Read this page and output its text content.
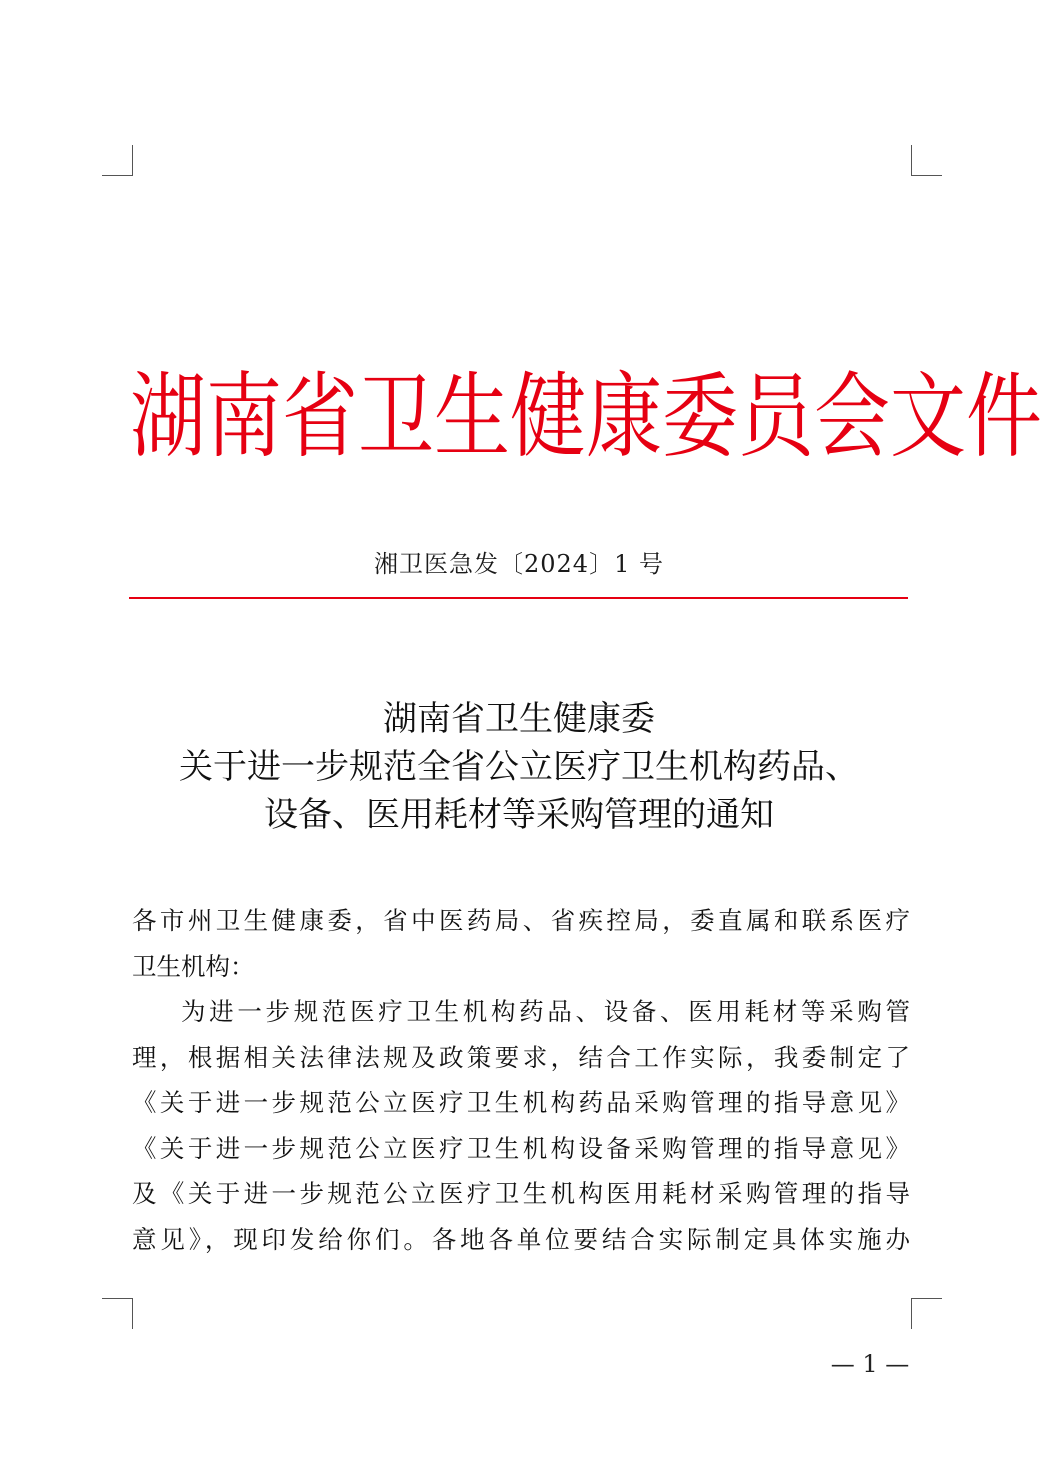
湖 南 省 卫 生 健 康 委 员 会 文 件
湘卫医急发〔2024〕1 号
湖南省卫生健康委
关于进一步规范全省公立医疗卫生机构药品、
设备、医用耗材等采购管理的通知
各市州卫生健康委，省中医药局、省疾控局，委直属和联系医疗
卫生机构：
为进一步规范医疗卫生机构药品、设备、医用耗材等采购管
理，根据相关法律法规及政策要求，结合工作实际，我委制定了
《关于进一步规范公立医疗卫生机构药品采购管理的指导意见》
《关于进一步规范公立医疗卫生机构设备采购管理的指导意见》
及《关于进一步规范公立医疗卫生机构医用耗材采购管理的指导
意见》，现印发给你们。各地各单位要结合实际制定具体实施办
— 1 —
